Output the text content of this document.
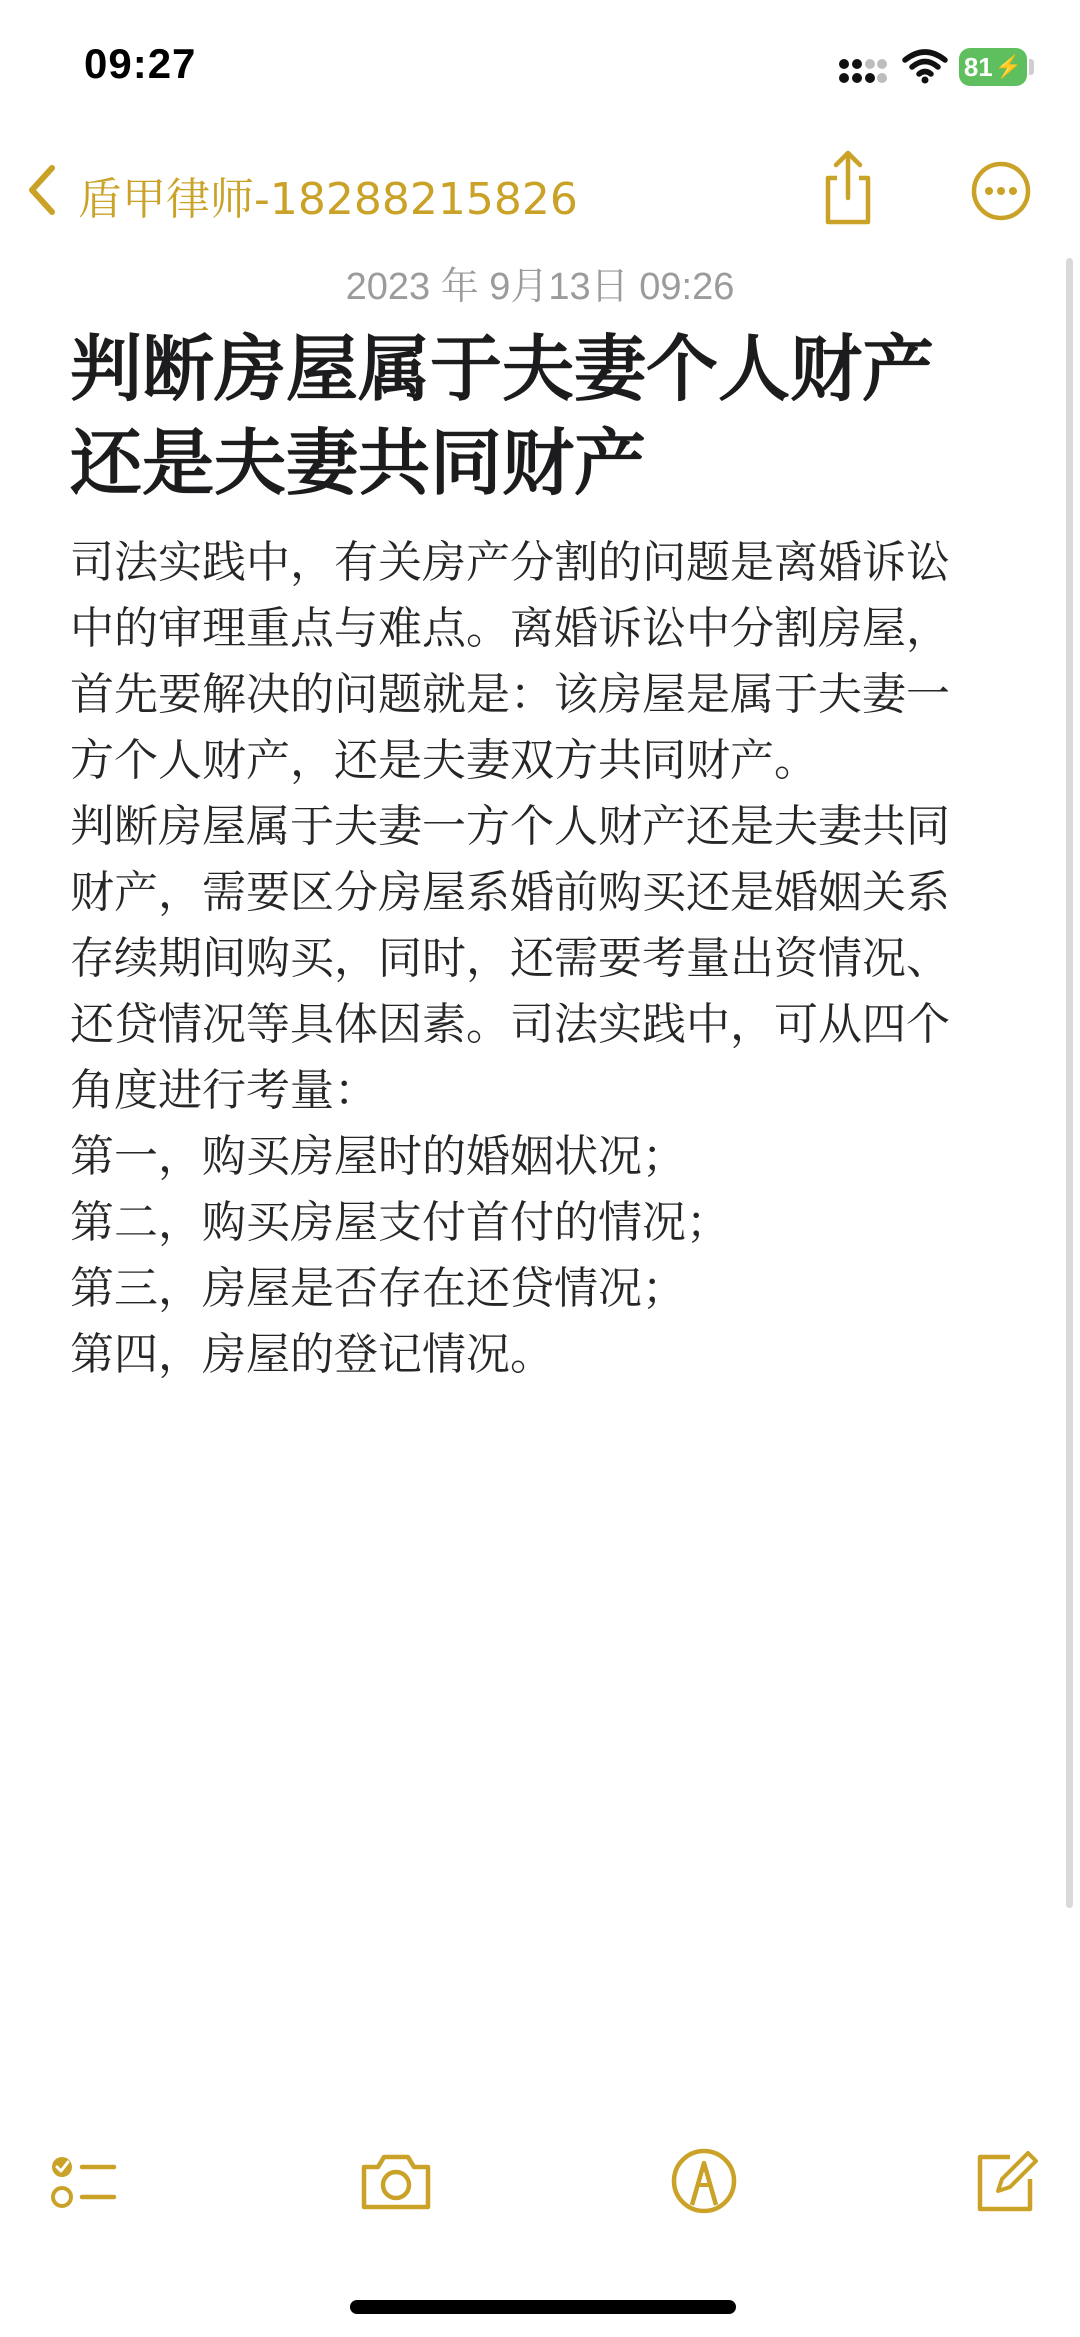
09:27	81 ⚡
盾甲律师-18288215826
2023 年 9月13日 09:26
判断房屋属于夫妻个人财产还是夫妻共同财产

司法实践中，有关房产分割的问题是离婚诉讼中的审理重点与难点。离婚诉讼中分割房屋，首先要解决的问题就是：该房屋是属于夫妻一方个人财产，还是夫妻双方共同财产。

判断房屋属于夫妻一方个人财产还是夫妻共同财产，需要区分房屋系婚前购买还是婚姻关系存续期间购买，同时，还需要考量出资情况、还贷情况等具体因素。司法实践中，可从四个角度进行考量：

第一，购买房屋时的婚姻状况；

第二，购买房屋支付首付的情况；

第三，房屋是否存在还贷情况；

第四，房屋的登记情况。
